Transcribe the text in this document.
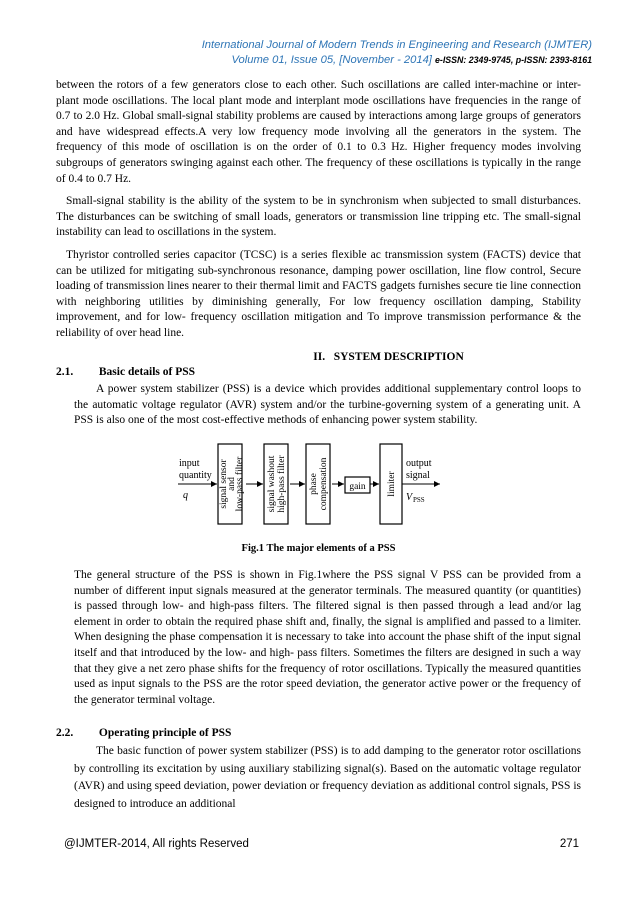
International Journal of Modern Trends in Engineering and Research (IJMTER)
Volume 01, Issue 05, [November - 2014] e-ISSN: 2349-9745, p-ISSN: 2393-8161

between the rotors of a few generators close to each other. Such oscillations are called inter-machine or inter-plant mode oscillations. The local plant mode and interplant mode oscillations have frequencies in the range of 0.7 to 2.0 Hz. Global small-signal stability problems are caused by interactions among large groups of generators and have widespread effects.A very low frequency mode involving all the generators in the system. The frequency of this mode of oscillation is on the order of 0.1 to 0.3 Hz. Higher frequency modes involving subgroups of generators swinging against each other. The frequency of these oscillations is typically in the range of 0.4 to 0.7 Hz.

Small-signal stability is the ability of the system to be in synchronism when subjected to small disturbances. The disturbances can be switching of small loads, generators or transmission line tripping etc. The small-signal instability can lead to oscillations in the system.

Thyristor controlled series capacitor (TCSC) is a series flexible ac transmission system (FACTS) device that can be utilized for mitigating sub-synchronous resonance, damping power oscillation, line flow control, Secure loading of transmission lines nearer to their thermal limit and FACTS gadgets furnishes secure tie line connection with neighboring utilities by diminishing generally, For low frequency oscillation damping, Stability improvement, and for low- frequency oscillation mitigation and To improve transmission performance & the reliability of over head line.

II. SYSTEM DESCRIPTION
2.1. Basic details of PSS

A power system stabilizer (PSS) is a device which provides additional supplementary control loops to the automatic voltage regulator (AVR) system and/or the turbine-governing system of a generating unit. A PSS is also one of the most cost-effective methods of enhancing power system stability.

input
quantity
q	signal sensor
and
low-pass filter signal washout high-pass filter phase compensation gain limiter
output
signal
V PSS
Fig.1 The major elements of a PSS

The general structure of the PSS is shown in Fig.1where the PSS signal V PSS can be provided from a number of different input signals measured at the generator terminals. The measured quantity (or quantities) is passed through low- and high-pass filters. The filtered signal is then passed through a lead and/or lag element in order to obtain the required phase shift and, finally, the signal is amplified and passed to a limiter. When designing the phase compensation it is necessary to take into account the phase shift of the input signal itself and that introduced by the low- and high- pass filters. Sometimes the filters are designed in such a way that they give a net zero phase shifts for the frequency of rotor oscillations. Typically the measured quantities used as input signals to the PSS are the rotor speed deviation, the generator active power or the frequency of the generator terminal voltage.

2.2. Operating principle of PSS

The basic function of power system stabilizer (PSS) is to add damping to the generator rotor oscillations by controlling its excitation by using auxiliary stabilizing signal(s). Based on the automatic voltage regulator (AVR) and using speed deviation, power deviation or frequency deviation as additional control signals, PSS is designed to introduce an additional

@IJMTER-2014, All rights Reserved	271
